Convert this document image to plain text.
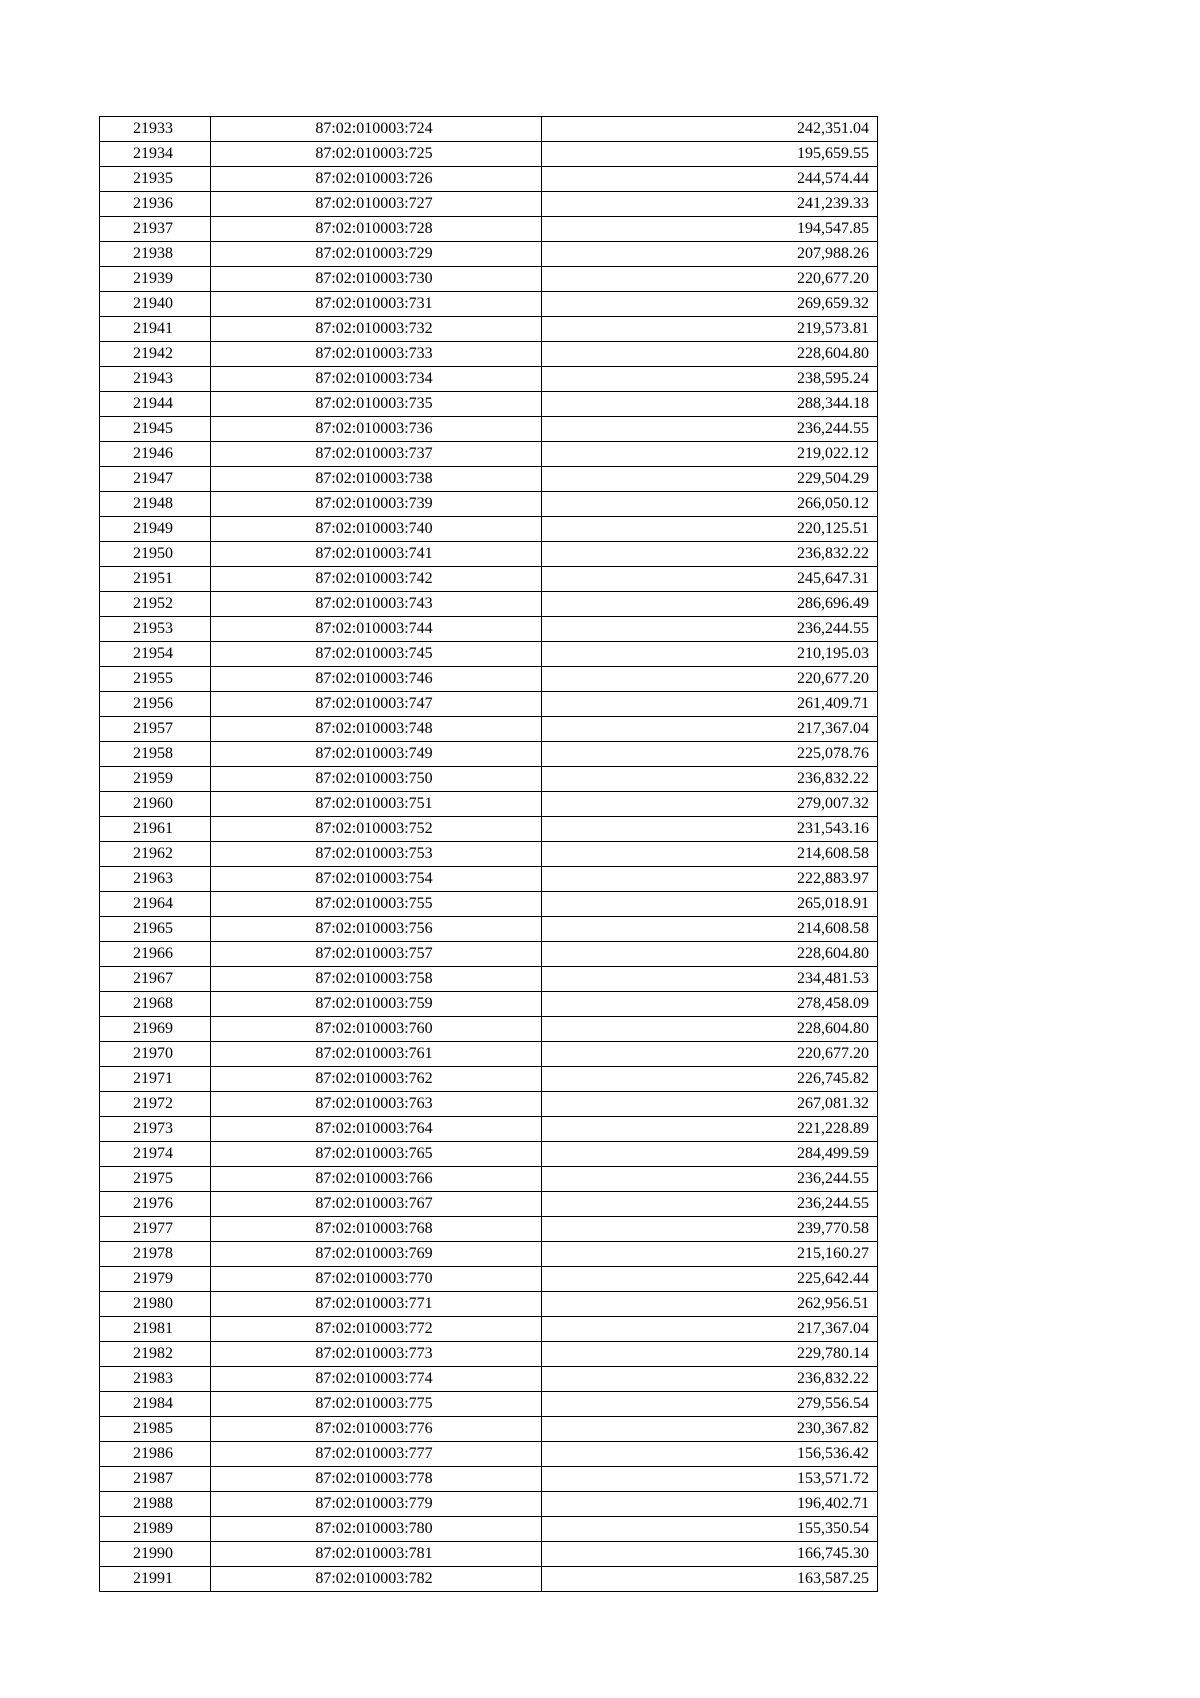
21933	87:02:010003:724	242,351.04
21934	87:02:010003:725	195,659.55
21935	87:02:010003:726	244,574.44
21936	87:02:010003:727	241,239.33
21937	87:02:010003:728	194,547.85
21938	87:02:010003:729	207,988.26
21939	87:02:010003:730	220,677.20
21940	87:02:010003:731	269,659.32
21941	87:02:010003:732	219,573.81
21942	87:02:010003:733	228,604.80
21943	87:02:010003:734	238,595.24
21944	87:02:010003:735	288,344.18
21945	87:02:010003:736	236,244.55
21946	87:02:010003:737	219,022.12
21947	87:02:010003:738	229,504.29
21948	87:02:010003:739	266,050.12
21949	87:02:010003:740	220,125.51
21950	87:02:010003:741	236,832.22
21951	87:02:010003:742	245,647.31
21952	87:02:010003:743	286,696.49
21953	87:02:010003:744	236,244.55
21954	87:02:010003:745	210,195.03
21955	87:02:010003:746	220,677.20
21956	87:02:010003:747	261,409.71
21957	87:02:010003:748	217,367.04
21958	87:02:010003:749	225,078.76
21959	87:02:010003:750	236,832.22
21960	87:02:010003:751	279,007.32
21961	87:02:010003:752	231,543.16
21962	87:02:010003:753	214,608.58
21963	87:02:010003:754	222,883.97
21964	87:02:010003:755	265,018.91
21965	87:02:010003:756	214,608.58
21966	87:02:010003:757	228,604.80
21967	87:02:010003:758	234,481.53
21968	87:02:010003:759	278,458.09
21969	87:02:010003:760	228,604.80
21970	87:02:010003:761	220,677.20
21971	87:02:010003:762	226,745.82
21972	87:02:010003:763	267,081.32
21973	87:02:010003:764	221,228.89
21974	87:02:010003:765	284,499.59
21975	87:02:010003:766	236,244.55
21976	87:02:010003:767	236,244.55
21977	87:02:010003:768	239,770.58
21978	87:02:010003:769	215,160.27
21979	87:02:010003:770	225,642.44
21980	87:02:010003:771	262,956.51
21981	87:02:010003:772	217,367.04
21982	87:02:010003:773	229,780.14
21983	87:02:010003:774	236,832.22
21984	87:02:010003:775	279,556.54
21985	87:02:010003:776	230,367.82
21986	87:02:010003:777	156,536.42
21987	87:02:010003:778	153,571.72
21988	87:02:010003:779	196,402.71
21989	87:02:010003:780	155,350.54
21990	87:02:010003:781	166,745.30
21991	87:02:010003:782	163,587.25
